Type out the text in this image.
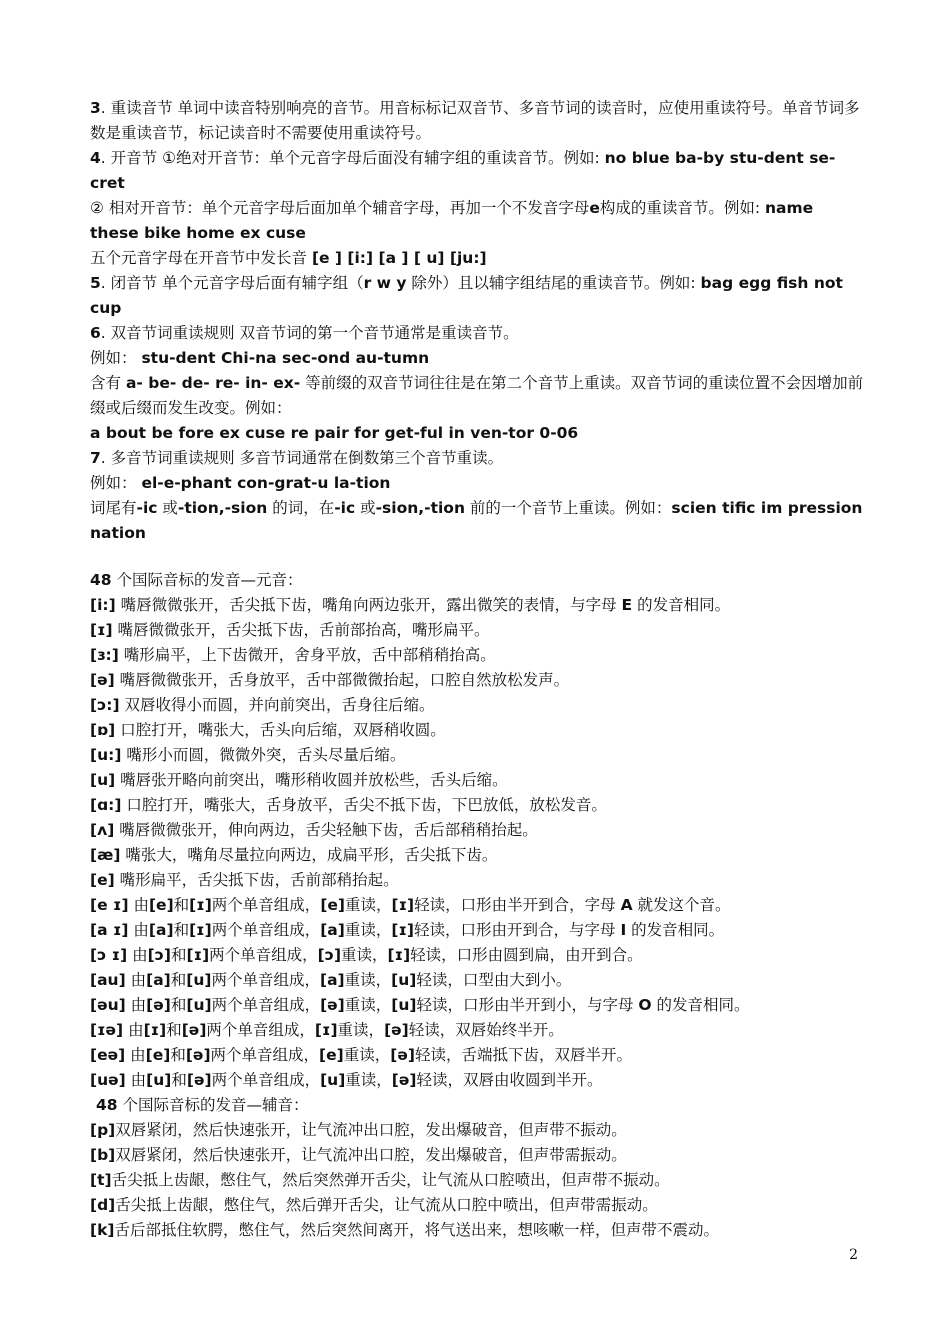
3. 重读音节 单词中读音特别响亮的音节。用音标标记双音节、多音节词的读音时，应使用重读符号。单音节词多数是重读音节，标记读音时不需要使用重读符号。

4. 开音节 ①绝对开音节：单个元音字母后面没有辅字组的重读音节。例如: no blue ba-by stu-dent se-cret

② 相对开音节：单个元音字母后面加单个辅音字母，再加一个不发音字母e构成的重读音节。例如: name these bike home ex cuse

五个元音字母在开音节中发长音 [e ] [i:] [a ] [ u] [ju:]

5. 闭音节 单个元音字母后面有辅字组（r w y 除外）且以辅字组结尾的重读音节。例如: bag egg fish not cup

6. 双音节词重读规则 双音节词的第一个音节通常是重读音节。

例如： stu-dent Chi-na sec-ond au-tumn

含有 a- be- de- re- in- ex- 等前缀的双音节词往往是在第二个音节上重读。双音节词的重读位置不会因增加前缀或后缀而发生改变。例如：

a bout be fore ex cuse re pair for get-ful in ven-tor 0-06

7. 多音节词重读规则 多音节词通常在倒数第三个音节重读。

例如： el-e-phant con-grat-u la-tion

词尾有-ic 或-tion,-sion 的词，在-ic 或-sion,-tion 前的一个音节上重读。例如：scien tific im pression nation

48 个国际音标的发音—元音：

[i:] 嘴唇微微张开，舌尖抵下齿，嘴角向两边张开，露出微笑的表情，与字母 E 的发音相同。

[ɪ] 嘴唇微微张开，舌尖抵下齿，舌前部抬高，嘴形扁平。

[ɜ:] 嘴形扁平，上下齿微开，舍身平放，舌中部稍稍抬高。

[ə] 嘴唇微微张开，舌身放平，舌中部微微抬起，口腔自然放松发声。

[ɔ:] 双唇收得小而圆，并向前突出，舌身往后缩。

[ɒ] 口腔打开，嘴张大，舌头向后缩，双唇稍收圆。

[u:] 嘴形小而圆，微微外突，舌头尽量后缩。

[u] 嘴唇张开略向前突出，嘴形稍收圆并放松些，舌头后缩。

[ɑ:] 口腔打开，嘴张大，舌身放平，舌尖不抵下齿，下巴放低，放松发音。

[ʌ] 嘴唇微微张开，伸向两边，舌尖轻触下齿，舌后部稍稍抬起。

[æ] 嘴张大，嘴角尽量拉向两边，成扁平形，舌尖抵下齿。

[e] 嘴形扁平，舌尖抵下齿，舌前部稍抬起。

[e ɪ] 由[e]和[ɪ]两个单音组成，[e]重读，[ɪ]轻读，口形由半开到合，字母 A 就发这个音。

[a ɪ] 由[a]和[ɪ]两个单音组成，[a]重读，[ɪ]轻读，口形由开到合，与字母 I 的发音相同。

[ɔ ɪ] 由[ɔ]和[ɪ]两个单音组成，[ɔ]重读，[ɪ]轻读，口形由圆到扁，由开到合。

[au] 由[a]和[u]两个单音组成，[a]重读，[u]轻读，口型由大到小。

[əu] 由[ə]和[u]两个单音组成，[ə]重读，[u]轻读，口形由半开到小，与字母 O 的发音相同。

[ɪə] 由[ɪ]和[ə]两个单音组成，[ɪ]重读，[ə]轻读，双唇始终半开。

[eə] 由[e]和[ə]两个单音组成，[e]重读，[ə]轻读，舌端抵下齿，双唇半开。

[uə] 由[u]和[ə]两个单音组成，[u]重读，[ə]轻读，双唇由收圆到半开。

48 个国际音标的发音—辅音：

[p]双唇紧闭，然后快速张开，让气流冲出口腔，发出爆破音，但声带不振动。

[b]双唇紧闭，然后快速张开，让气流冲出口腔，发出爆破音，但声带需振动。

[t]舌尖抵上齿龈，憋住气，然后突然弹开舌尖，让气流从口腔喷出，但声带不振动。

[d]舌尖抵上齿龈，憋住气，然后弹开舌尖，让气流从口腔中喷出，但声带需振动。

[k]舌后部抵住软腭，憋住气，然后突然间离开，将气送出来，想咳嗽一样，但声带不震动。

2
